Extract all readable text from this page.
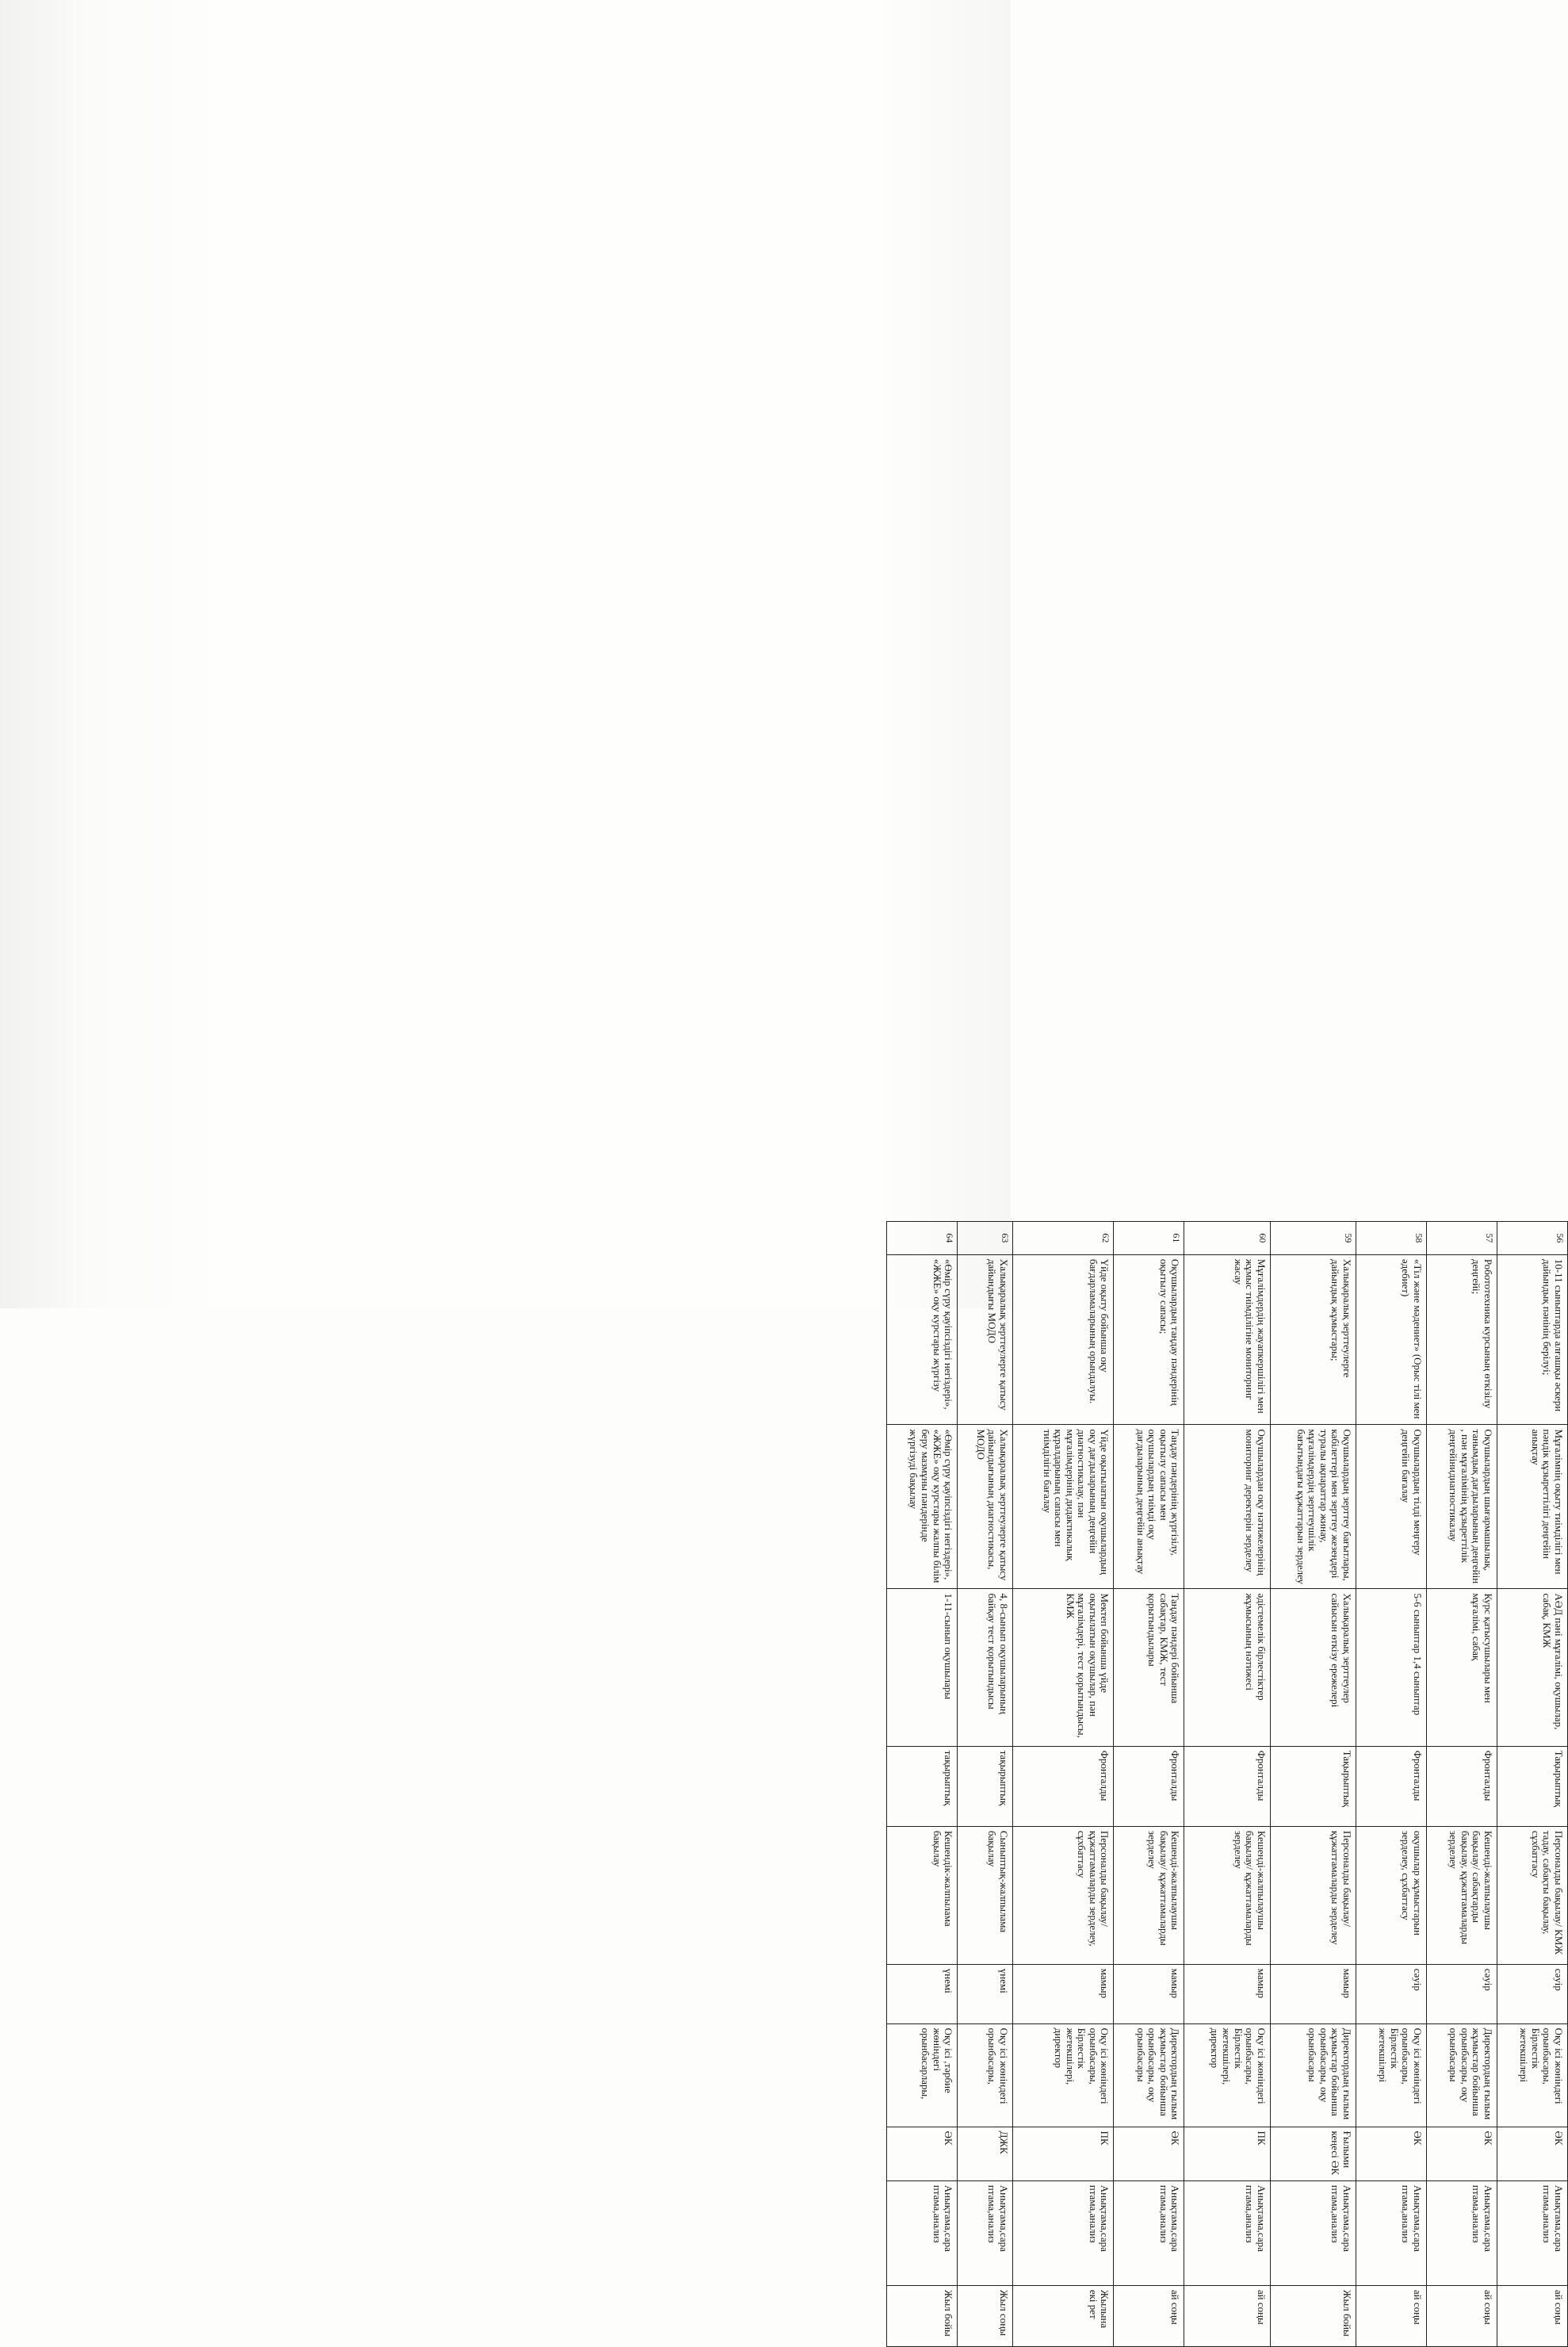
56	10-11 сыныптарда алғашқы әскери дайындық пәнінің берілуі;	Мұғалімнің оқыту тиімділігі мен пәндік құзыреттілігі деңгейін анықтау	АӘД пәні мұғалімі, оқушылар, сабақ, КМЖ	Тақырыптық	Персоналды бақылау/ КМЖ тадау, сабақты бақылау, сұхбаттасу	сәуір	Оқу ісі жөніндегі орынбасары, Бірлестік жетекшілері	ӘК	Анықтама,сара птама,анализ	ай соңы
57	Робототехника курсының өткізілу деңгейі;	Оқушылардың шығармашылық, танымдық дағдыларының деңгейін , пән мұғалімінің құзыреттілік деңгейінидиагностикалау	Курс қатысушылары мен мұғалімі, сабақ	Фронталды	Кешенді-жалпылаушы бақылау/ сабақтарды бақылау, құжаттамаларды зерделеу	сәуір	Директордың ғылым жұмыстар бойынша орынбасары, оқу орынбасары	ӘК	Анықтама,сара птама,анализ	ай соңы
58	«Тіл және мәдениет» (Орыс тілі мен әдебиет)	Оқушылардың тілді меңгеру деңгейін бағалау	5-6 сыныптар 1,4 сыныптар	Фронталды	оқушылар жұмыстарын зерделеу, сұхбаттасу	сәуір	Оқу ісі жөніндегі орынбасары, Бірлестік жетекшілері	ӘК	Анықтама,сара птама,анализ	ай соңы
59	Халықаралық зерттеулерге дайындық жұмыстары;	Оқушылардың зерттеу бағытлары, кабілеттері мен зерттеу жезеңдері туралы ақпараттар жинау, мұғалімдердің зерттеушілік бағытындағы құжаттарын зерделеу	Халықаралық зерттеулер сайысын өткізу ережелері	Тақырыптық	Персоналды бақылау/ құжаттамаларды зерделеу	мамыр	Директордың ғылым жұмыстар бойынша орынбасары, оқу орынбасары	Ғылыми кеңесі ӘК	Анықтама,сара птама,анализ	Жыл бойы
60	Мұғалімдердің жауапкершілігі мен жұмыс тиімділігіне мониторинг жасау	Оқушылардан оқу нәтижелерінің мониторинг деректерін зерделеу	әдістемелік бірлестіктер жұмысының нәтижесі	Фронталды	Кешенді-жалпылаушы бақылау/ құжаттамаларды зерделеу	мамыр	Оқу ісі жөніндегі орынбасары, Бірлестік жетекшілері, директор	ПК	Анықтама,сара птама,анализ	ай соңы
61	Оқушылардың таңдау пәндерінің оқытылу сапасы;	Таңдау пәндерінің жүргізілу, оқытылу сапасы мен оқушылардың тиімді оқу дағдыларының деңгейін анықтау	Таңдау пәндері бойынша сабақтар, КМЖ, тест қорытындылары	Фронталды	Кешенді-жалпылаушы бақылау/ құжаттамаларды зерделеу	мамыр	Директордың ғылым жұмыстар бойынша орынбасары, оқу орынбасары	ӘК	Анықтама,сара птама,анализ	ай соңы
62	Үйде оқыту бойынша оқу бағдарламаларының орындалуы.	Үйде оқытылатын оқушылардың оқу дағдыларының деңгейін диагностикалау, пән мұғалімдерінің дидактикалық құралдарының сапасы мен тиімділігін бағалау	Мектеп бойынша үйде оқытылатын оқушылар, пән мұғалімдері, тест қорытындысы, КМЖ	Фронталды	Персоналды бақылау/ құжаттамаларды зерделеу, сұхбаттасу	мамыр	Оқу ісі жөніндегі орынбасары, Бірлестік жетекшілері, директор	ПК	Анықтама,сара птама,анализ	Жылына екі рет
63	Халықаралық зерттеулерге қатысу дайындығы МОДО	Халықаралық зерттеулерге қатысу дайындығының диагностикасы, МОДО	4, 8-сынып оқушыларының байқау тест қорытындысы	тақырыптық	Сыныптық-жалпылама бақылау	үнемі	Оқу ісі жөніндегі орынбасары,	ДЖК	Анықтама,сара птама,анализ	Жыл соңы
64	«Өмір сүру қауіпсіздігі негіздері», «ЖЖЕ» оқу курстары жүргізу	«Өмір сүру қауіпсіздігі негіздері», «ЖЖЕ» оқу курстары жалпы білім беру мазмұны пәндерінде жүргізуді бақылау	1-11-сынып оқушылары	тақырыптық	Кешендік-жалпылама бақылау	үнемі	Оқу ісі ,тәрбие жөніндегі орынбасарлары,	ӘК	Анықтама,сара птама,анализ	Жыл бойы
